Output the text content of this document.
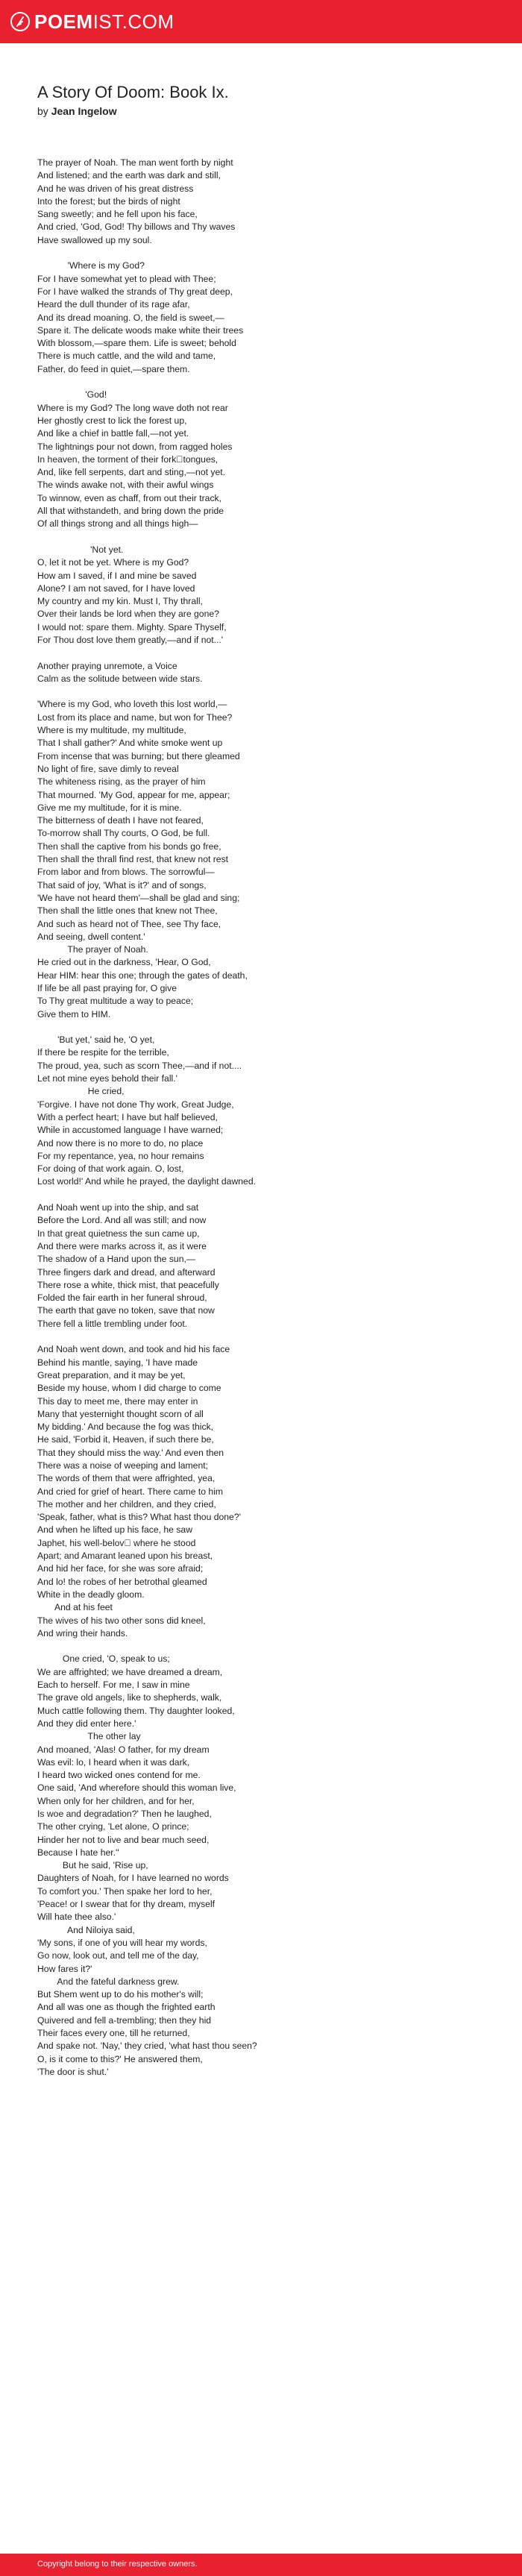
POEMIST.COM
A Story Of Doom: Book Ix.
by Jean Ingelow
The prayer of Noah. The man went forth by night
And listened; and the earth was dark and still,
And he was driven of his great distress
Into the forest; but the birds of night
Sang sweetly; and he fell upon his face,
And cried, 'God, God! Thy billows and Thy waves
Have swallowed up my soul.

'Where is my God?
For I have somewhat yet to plead with Thee;
For I have walked the strands of Thy great deep,
Heard the dull thunder of its rage afar,
And its dread moaning. O, the field is sweet,—
Spare it. The delicate woods make white their trees
With blossom,—spare them. Life is sweet; behold
There is much cattle, and the wild and tame,
Father, do feed in quiet,—spare them.

'God!
Where is my God? The long wave doth not rear
Her ghostly crest to lick the forest up,
And like a chief in battle fall,—not yet.
The lightnings pour not down, from ragged holes
In heaven, the torment of their fork tongues,
And, like fell serpents, dart and sting,—not yet.
The winds awake not, with their awful wings
To winnow, even as chaff, from out their track,
All that withstandeth, and bring down the pride
Of all things strong and all things high—

'Not yet.
O, let it not be yet. Where is my God?
How am I saved, if I and mine be saved
Alone? I am not saved, for I have loved
My country and my kin. Must I, Thy thrall,
Over their lands be lord when they are gone?
I would not: spare them. Mighty. Spare Thyself,
For Thou dost love them greatly,—and if not...'

Another praying unremote, a Voice
Calm as the solitude between wide stars.

'Where is my God, who loveth this lost world,—
Lost from its place and name, but won for Thee?
Where is my multitude, my multitude,
That I shall gather?' And white smoke went up
From incense that was burning; but there gleamed
No light of fire, save dimly to reveal
The whiteness rising, as the prayer of him
That mourned. 'My God, appear for me, appear;
Give me my multitude, for it is mine.
The bitterness of death I have not feared,
To-morrow shall Thy courts, O God, be full.
Then shall the captive from his bonds go free,
Then shall the thrall find rest, that knew not rest
From labor and from blows. The sorrowful—
That said of joy, 'What is it?' and of songs,
'We have not heard them'—shall be glad and sing;
Then shall the little ones that knew not Thee,
And such as heard not of Thee, see Thy face,
And seeing, dwell content.'
The prayer of Noah.
He cried out in the darkness, 'Hear, O God,
Hear HIM: hear this one; through the gates of death,
If life be all past praying for, O give
To Thy great multitude a way to peace;
Give them to HIM.

'But yet,' said he, 'O yet,
If there be respite for the terrible,
The proud, yea, such as scorn Thee,—and if not....
Let not mine eyes behold their fall.'
He cried,
'Forgive. I have not done Thy work, Great Judge,
With a perfect heart; I have but half believed,
While in accustomed language I have warned;
And now there is no more to do, no place
For my repentance, yea, no hour remains
For doing of that work again. O, lost,
Lost world!' And while he prayed, the daylight dawned.

And Noah went up into the ship, and sat
Before the Lord. And all was still; and now
In that great quietness the sun came up,
And there were marks across it, as it were
The shadow of a Hand upon the sun,—
Three fingers dark and dread, and afterward
There rose a white, thick mist, that peacefully
Folded the fair earth in her funeral shroud,
The earth that gave no token, save that now
There fell a little trembling under foot.

And Noah went down, and took and hid his face
Behind his mantle, saying, 'I have made
Great preparation, and it may be yet,
Beside my house, whom I did charge to come
This day to meet me, there may enter in
Many that yesternight thought scorn of all
My bidding.' And because the fog was thick,
He said, 'Forbid it, Heaven, if such there be,
That they should miss the way.' And even then
There was a noise of weeping and lament;
The words of them that were affrighted, yea,
And cried for grief of heart. There came to him
The mother and her children, and they cried,
'Speak, father, what is this? What hast thou done?'
And when he lifted up his face, he saw
Japhet, his well-belov  where he stood
Apart; and Amarant leaned upon his breast,
And hid her face, for she was sore afraid;
And lo! the robes of her betrothal gleamed
White in the deadly gloom.
And at his feet
The wives of his two other sons did kneel,
And wring their hands.

One cried, 'O, speak to us;
We are affrighted; we have dreamed a dream,
Each to herself. For me, I saw in mine
The grave old angels, like to shepherds, walk,
Much cattle following them. Thy daughter looked,
And they did enter here.'
The other lay
And moaned, 'Alas! O father, for my dream
Was evil: lo, I heard when it was dark,
I heard two wicked ones contend for me.
One said, 'And wherefore should this woman live,
When only for her children, and for her,
Is woe and degradation?' Then he laughed,
The other crying, 'Let alone, O prince;
Hinder her not to live and bear much seed,
Because I hate her.''
But he said, 'Rise up,
Daughters of Noah, for I have learned no words
To comfort you.' Then spake her lord to her,
'Peace! or I swear that for thy dream, myself
Will hate thee also.'
And Niloiya said,
'My sons, if one of you will hear my words,
Go now, look out, and tell me of the day,
How fares it?'
And the fateful darkness grew.
But Shem went up to do his mother's will;
And all was one as though the frighted earth
Quivered and fell a-trembling; then they hid
Their faces every one, till he returned,
And spake not. 'Nay,' they cried, 'what hast thou seen?
O, is it come to this?' He answered them,
'The door is shut.'
Copyright belong to their respective owners.
